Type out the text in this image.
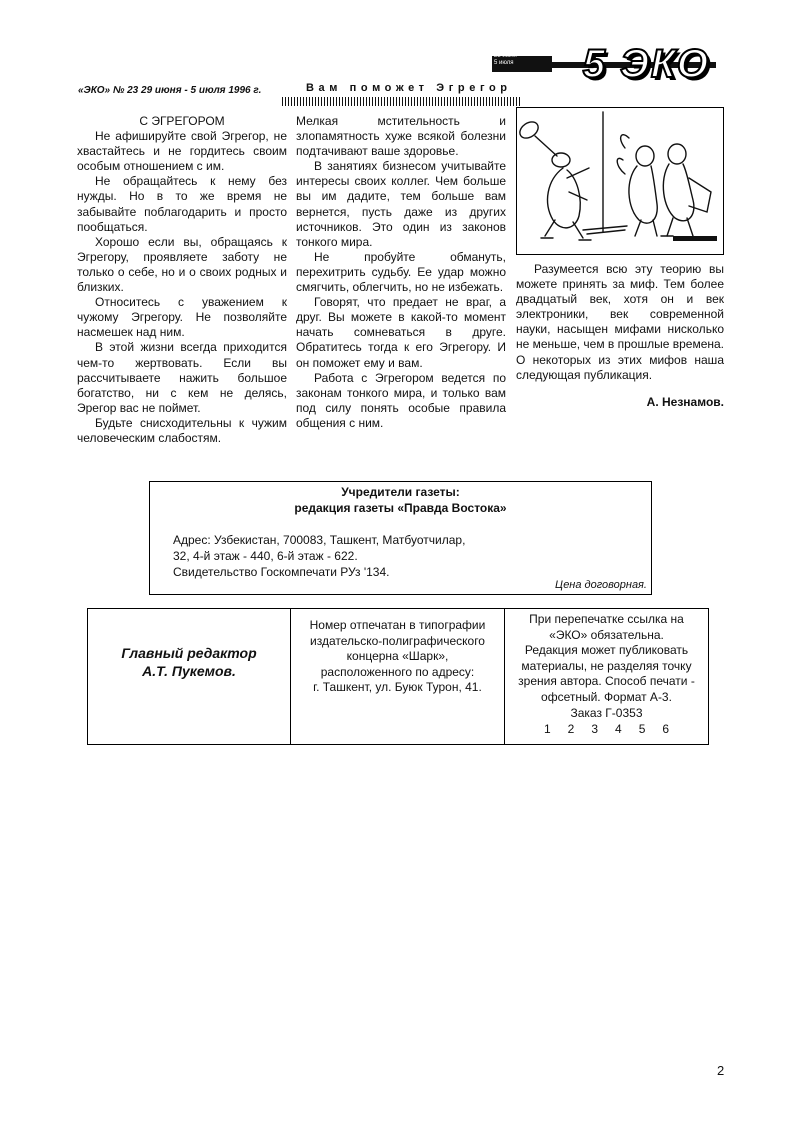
23 июня
5 июля	5 ЭКО
«ЭКО» № 23 29 июня - 5 июля 1996 г.	Вам поможет Эгрегор

С ЭГРЕГОРОМ

Не афишируйте свой Эгрегор, не хвастайтесь и не гордитесь своим особым отношением с им.

Не обращайтесь к нему без нужды. Но в то же время не забывайте поблагодарить и просто пообщаться.

Хорошо если вы, обращаясь к Эгрегору, проявляете заботу не только о себе, но и о своих родных и близких.

Относитесь с уважением к чужому Эгрегору. Не позволяйте насмешек над ним.

В этой жизни всегда приходится чем-то жертвовать. Если вы рассчитываете нажить большое богатство, ни с кем не делясь, Эрегор вас не поймет.

Будьте снисходительны к чужим человеческим слабостям.

Мелкая мстительность и злопамятность хуже всякой болезни подтачивают ваше здоровье.

В занятиях бизнесом учитывайте интересы своих коллег. Чем больше вы им дадите, тем больше вам вернется, пусть даже из других источников. Это один из законов тонкого мира.

Не пробуйте обмануть, перехитрить судьбу. Ее удар можно смягчить, облегчить, но не избежать.

Говорят, что предает не враг, а друг. Вы можете в какой-то момент начать сомневаться в друге. Обратитесь тогда к его Эгрегору. И он поможет ему и вам.

Работа с Эгрегором ведется по законам тонкого мира, и только вам под силу понять особые правила общения с ним.

Разумеется всю эту теорию вы можете принять за миф. Тем более двадцатый век, хотя он и век электроники, век современной науки, насыщен мифами нисколько не меньше, чем в прошлые времена. О некоторых из этих мифов наша следующая публикация.

А. Незнамов.

Учредители газеты:
редакция газеты «Правда Востока»
Адрес: Узбекистан, 700083, Ташкент, Матбуотчилар,
32, 4-й этаж - 440, 6-й этаж - 622.
Свидетельство Госкомпечати РУз '134.
Цена договорная.
Главный редактор
А.Т. Пукемов.
Номер отпечатан в типографии
издательско-полиграфического
концерна «Шарк»,
расположенного по адресу:
г. Ташкент, ул. Буюк Турон, 41.
При перепечатке ссылка на
«ЭКО» обязательна.
Редакция может публиковать
материалы, не разделяя точку
зрения автора. Способ печати -
офсетный. Формат А-3.
Заказ Г-0353
1 2 3 4 5 6
2
